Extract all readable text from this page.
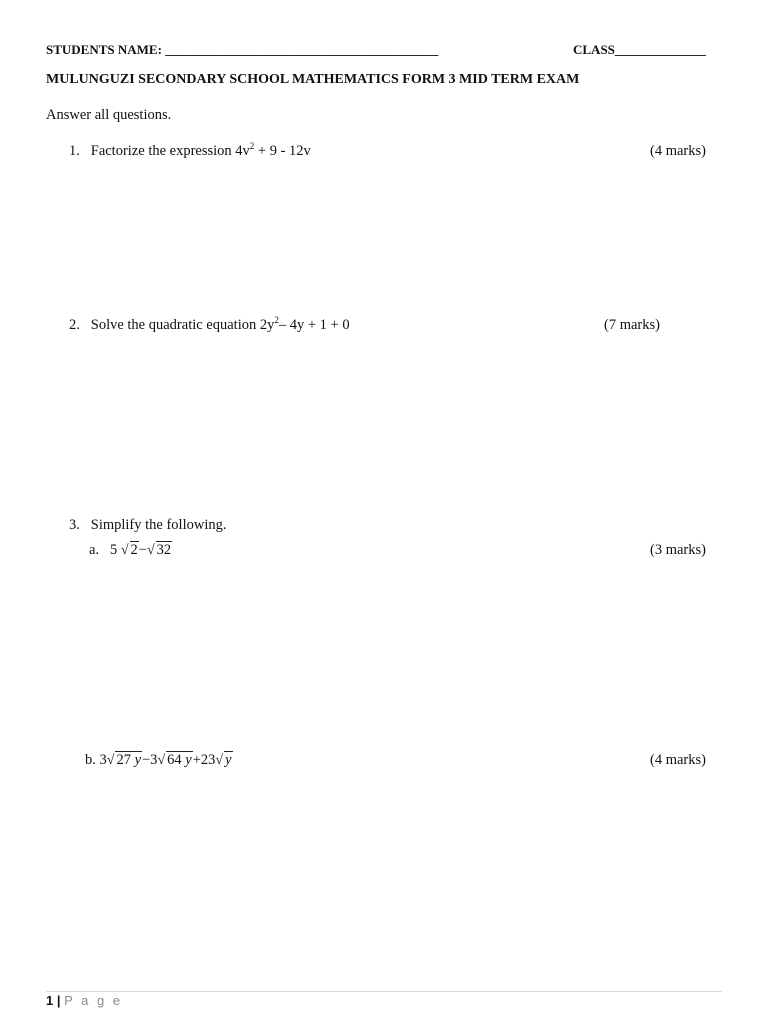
STUDENTS NAME: __________________________________________	CLASS______________
MULUNGUZI SECONDARY SCHOOL MATHEMATICS FORM 3 MID TERM EXAM
Answer all questions.
1. Factorize the expression $4v^2 + 9 - 12v$	(4 marks)
2. Solve the quadratic equation $2y^2-$ 4y + 1 + 0	(7 marks)
3. Simplify the following.
a. 5 √ 2−√ 32	(3 marks)
b. 3√ 27 y−3√ 64 y+23√ y	(4 marks)
1 | P a g e
